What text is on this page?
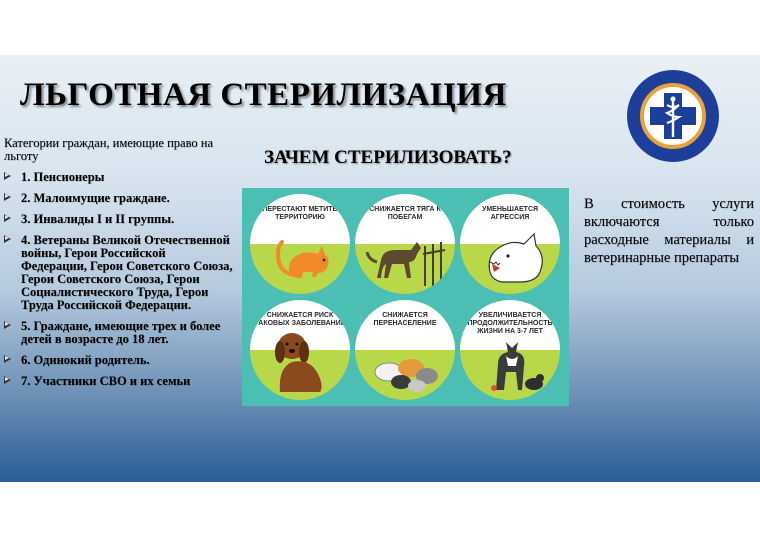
ЛЬГОТНАЯ СТЕРИЛИЗАЦИЯ
Категории граждан, имеющие право на льготу
1. Пенсионеры
2. Малоимущие граждане.
3. Инвалиды I и II группы.
4. Ветераны Великой Отечественной войны, Герои Российской Федерации, Герои Советского Союза, Герои Советского Союза, Герои Социалистического Труда, Герои Труда Российской Федерации.
5. Граждане, имеющие трех и более детей в возрасте до 18 лет.
6. Одинокий родитель.
7. Участники СВО и их семьи
ЗАЧЕМ СТЕРИЛИЗОВАТЬ?
ПЕРЕСТАЮТ МЕТИТЬ ТЕРРИТОРИЮ
СНИЖАЕТСЯ ТЯГА К ПОБЕГАМ
УМЕНЬШАЕТСЯ АГРЕССИЯ
СНИЖАЕТСЯ РИСК РАКОВЫХ ЗАБОЛЕВАНИЙ
СНИЖАЕТСЯ ПЕРЕНАСЕЛЕНИЕ
УВЕЛИЧИВАЕТСЯ ПРОДОЛЖИТЕЛЬНОСТЬ ЖИЗНИ НА 3-7 ЛЕТ
В стоимость услуги включаются только расходные материалы и ветеринарные препараты
